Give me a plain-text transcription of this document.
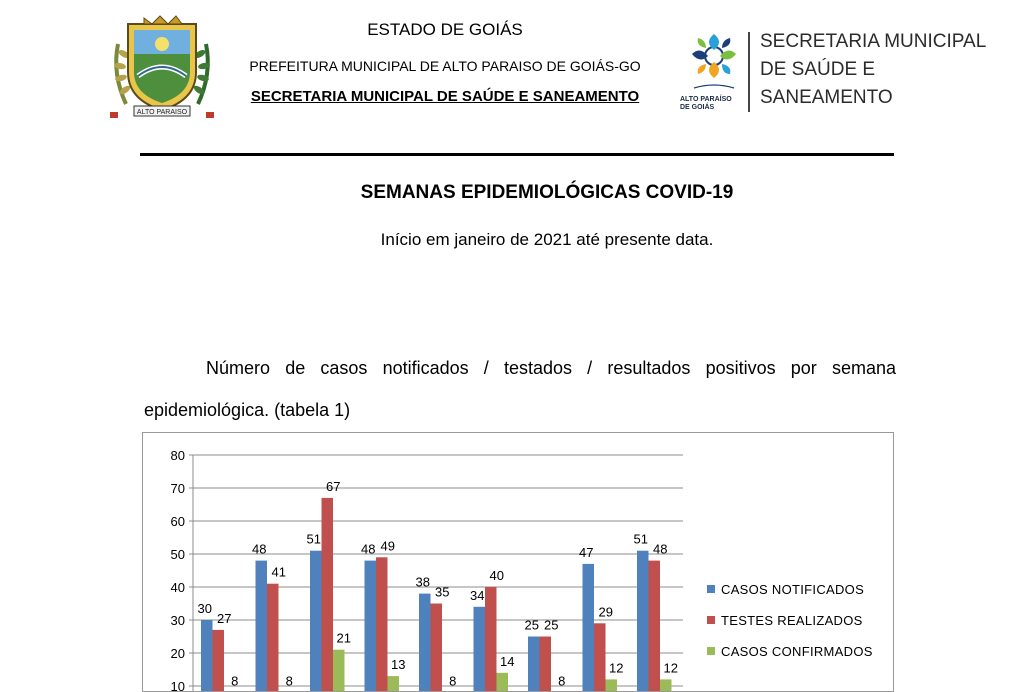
ALTO PARAISO
ESTADO DE GOIÁS
PREFEITURA MUNICIPAL DE ALTO PARAISO DE GOIÁS-GO
SECRETARIA MUNICIPAL DE SAÚDE E SANEAMENTO	ALTO PARAÍSO
DE GOIÁS
SECRETARIA MUNICIPAL
DE SAÚDE E
SANEAMENTO
SEMANAS EPIDEMIOLÓGICAS COVID-19
Início em janeiro de 2021 até presente data.
Número de casos notificados / testados / resultados positivos por semana
epidemiológica. (tabela 1)
10
20
30
40
50
60
70
80
30
27
8
48
41
8
51
67
21
48 49
13
38
35
8
34
40
14
25 25
8
47
29
12
51
48
12
CASOS NOTIFICADOS
TESTES REALIZADOS
CASOS CONFIRMADOS
